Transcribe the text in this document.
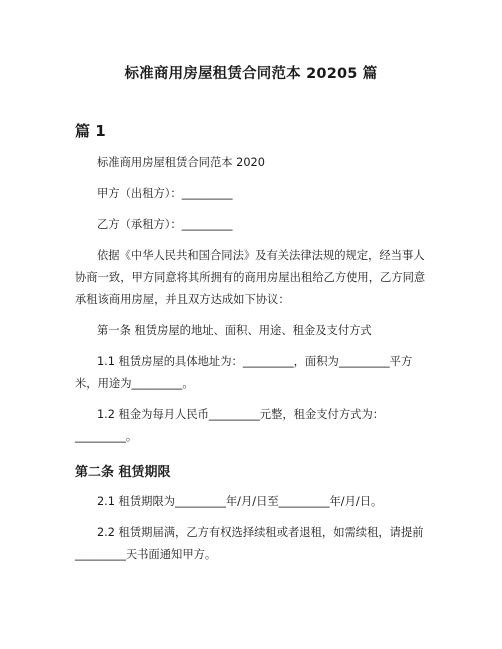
标准商用房屋租赁合同范本 20205 篇
篇 1

标准商用房屋租赁合同范本 2020

甲方（出租方）：_________

乙方（承租方）：_________

依据《中华人民共和国合同法》及有关法律法规的规定，经当事人协商一致，甲方同意将其所拥有的商用房屋出租给乙方使用，乙方同意承租该商用房屋，并且双方达成如下协议：

第一条 租赁房屋的地址、面积、用途、租金及支付方式

1.1 租赁房屋的具体地址为：_________，面积为_________平方米，用途为_________。

1.2 租金为每月人民币_________元整，租金支付方式为：_________。

第二条 租赁期限

2.1 租赁期限为_________年/月/日至_________年/月/日。

2.2 租赁期届满，乙方有权选择续租或者退租，如需续租，请提前_________天书面通知甲方。
